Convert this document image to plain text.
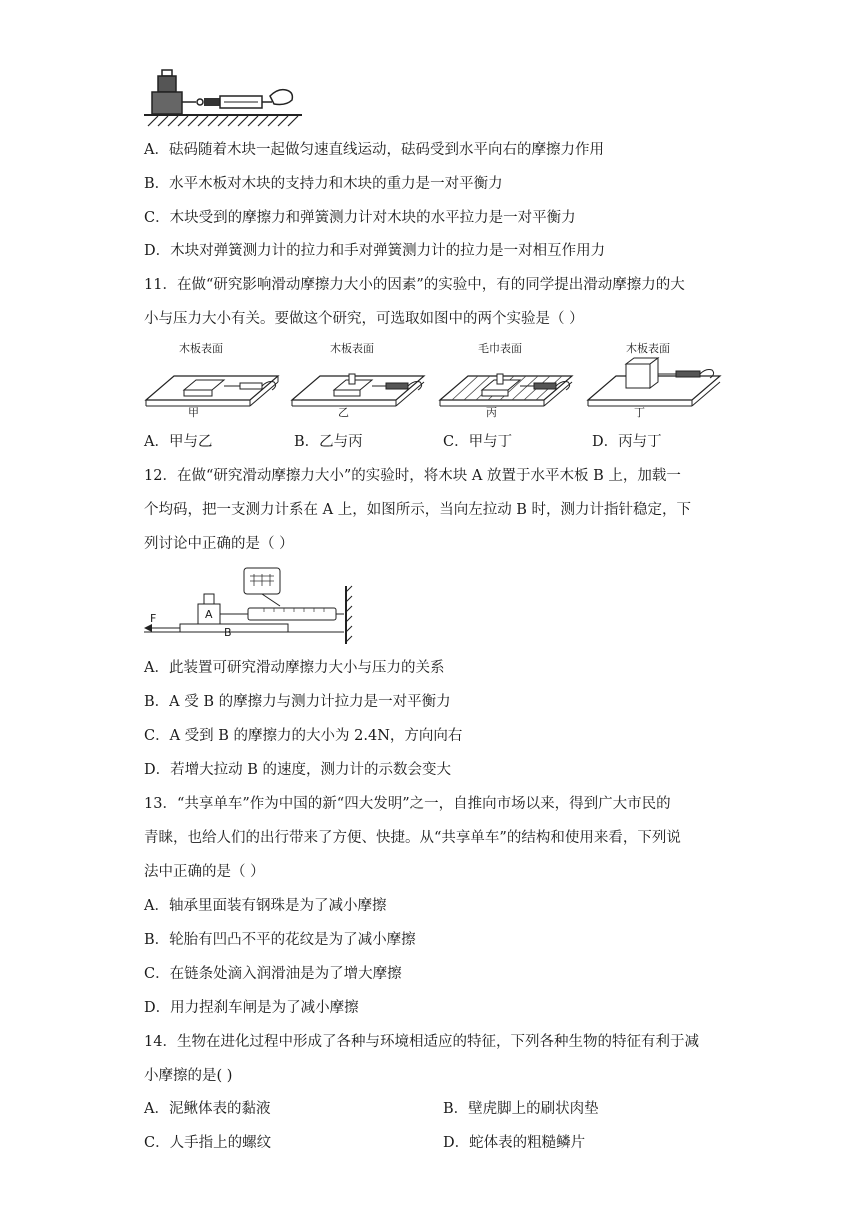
A．砝码随着木块一起做匀速直线运动，砝码受到水平向右的摩擦力作用
B．水平木板对木块的支持力和木块的重力是一对平衡力
C．木块受到的摩擦力和弹簧测力计对木块的水平拉力是一对平衡力
D．木块对弹簧测力计的拉力和手对弹簧测力计的拉力是一对相互作用力
11．在做“研究影响滑动摩擦力大小的因素”的实验中，有的同学提出滑动摩擦力的大
小与压力大小有关。要做这个研究，可选取如图中的两个实验是（ ）
木板表面
甲
木板表面
乙
毛巾表面
丙
木板表面
丁
A．甲与乙	B．乙与丙	C．甲与丁	D．丙与丁
12．在做“研究滑动摩擦力大小”的实验时，将木块 A 放置于水平木板 B 上，加载一
个均码，把一支测力计系在 A 上，如图所示，当向左拉动 B 时，测力计指针稳定，下
列讨论中正确的是（ ）
F	A
B
A．此装置可研究滑动摩擦力大小与压力的关系
B．A 受 B 的摩擦力与测力计拉力是一对平衡力
C．A 受到 B 的摩擦力的大小为 2.4N，方向向右
D．若增大拉动 B 的速度，测力计的示数会变大
13．“共享单车”作为中国的新“四大发明”之一，自推向市场以来，得到广大市民的
青睐，也给人们的出行带来了方便、快捷。从“共享单车”的结构和使用来看，下列说
法中正确的是（ ）
A．轴承里面装有钢珠是为了减小摩擦
B．轮胎有凹凸不平的花纹是为了减小摩擦
C．在链条处滴入润滑油是为了增大摩擦
D．用力捏刹车闸是为了减小摩擦
14．生物在进化过程中形成了各种与环境相适应的特征，下列各种生物的特征有利于减
小摩擦的是( )
A．泥鳅体表的黏液	B．壁虎脚上的刷状肉垫
C．人手指上的螺纹	D．蛇体表的粗糙鳞片
